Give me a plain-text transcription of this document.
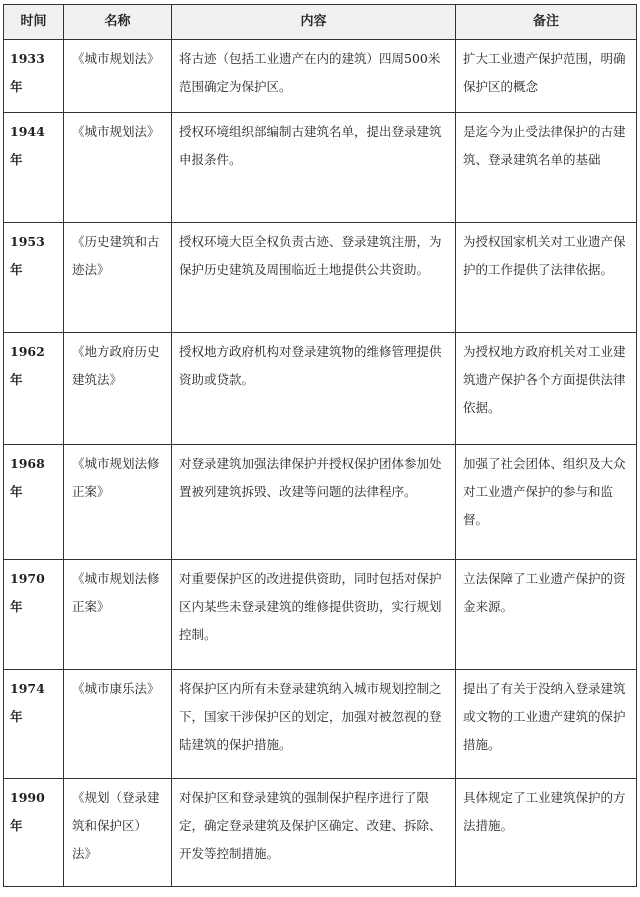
时间	名称	内容	备注
1933年	《城市规划法》	将古迹（包括工业遗产在内的建筑）四周500米范围确定为保护区。	扩大工业遗产保护范围，明确保护区的概念
1944年	《城市规划法》	授权环境组织部编制古建筑名单，提出登录建筑申报条件。	是迄今为止受法律保护的古建筑、登录建筑名单的基础
1953年	《历史建筑和古迹法》	授权环境大臣全权负责古迹、登录建筑注册，为保护历史建筑及周围临近土地提供公共资助。	为授权国家机关对工业遗产保护的工作提供了法律依据。
1962年	《地方政府历史建筑法》	授权地方政府机构对登录建筑物的维修管理提供资助或贷款。	为授权地方政府机关对工业建筑遗产保护各个方面提供法律依据。
1968年	《城市规划法修正案》	对登录建筑加强法律保护并授权保护团体参加处置被列建筑拆毁、改建等问题的法律程序。	加强了社会团体、组织及大众对工业遗产保护的参与和监督。
1970年	《城市规划法修正案》	对重要保护区的改进提供资助，同时包括对保护区内某些未登录建筑的维修提供资助，实行规划控制。	立法保障了工业遗产保护的资金来源。
1974年	《城市康乐法》	将保护区内所有未登录建筑纳入城市规划控制之下，国家干涉保护区的划定，加强对被忽视的登陆建筑的保护措施。	提出了有关于没纳入登录建筑或文物的工业遗产建筑的保护措施。
1990年	《规划（登录建筑和保护区）法》	对保护区和登录建筑的强制保护程序进行了限定，确定登录建筑及保护区确定、改建、拆除、开发等控制措施。	具体规定了工业建筑保护的方法措施。
